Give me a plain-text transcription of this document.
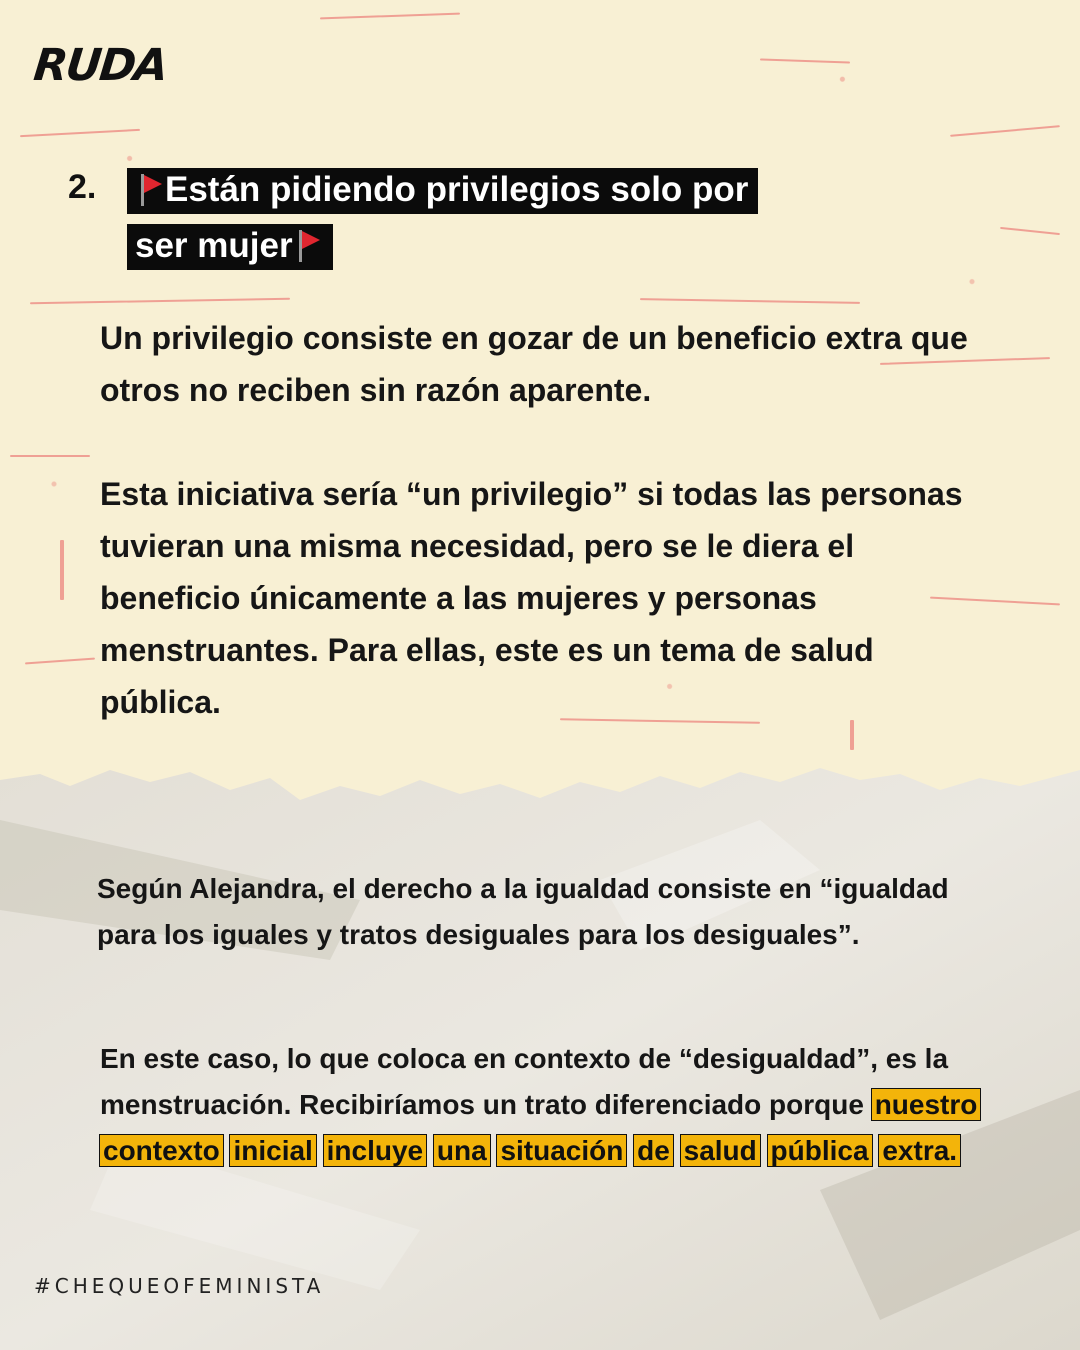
RUDA
2.	Están pidiendo privilegios solo por
ser mujer

Un privilegio consiste en gozar de un beneficio extra que otros no reciben sin razón aparente.

Esta iniciativa sería “un privilegio” si todas las personas tuvieran una misma necesidad, pero se le diera el beneficio únicamente a las mujeres y personas menstruantes. Para ellas, este es un tema de salud pública.

Según Alejandra, el derecho a la igualdad consiste en “igualdad para los iguales y tratos desiguales para los desiguales”.

En este caso, lo que coloca en contexto de “desigualdad”, es la menstruación. Recibiríamos un trato diferenciado porque nuestro contexto inicial incluye una situación de salud pública extra.

#CHEQUEOFEMINISTA
